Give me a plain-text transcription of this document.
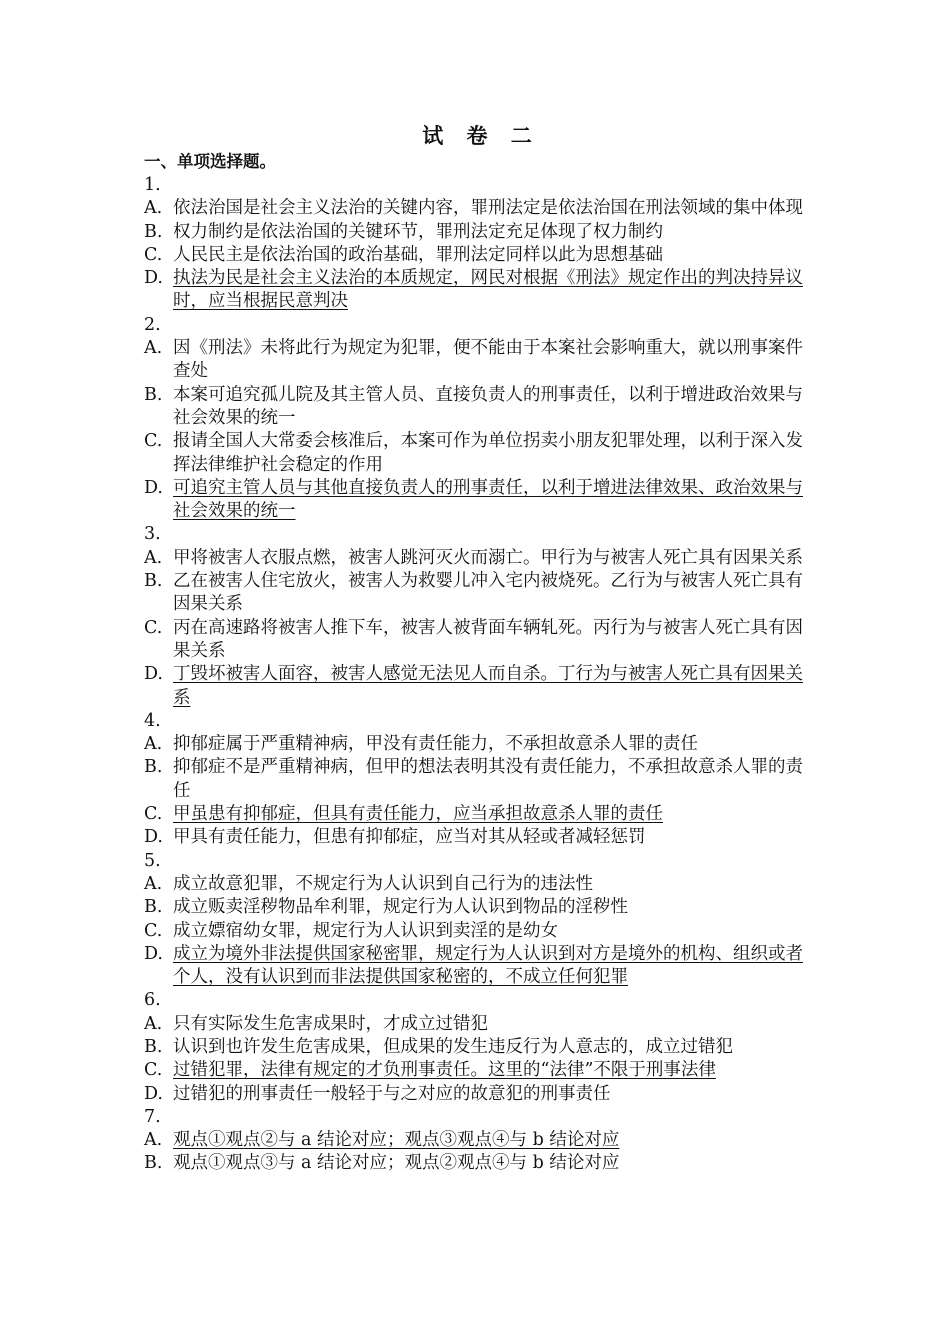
试 卷 二
一、单项选择题。
1.
A. 依法治国是社会主义法治的关键内容，罪刑法定是依法治国在刑法领域的集中体现
B. 权力制约是依法治国的关键环节，罪刑法定充足体现了权力制约
C. 人民民主是依法治国的政治基础，罪刑法定同样以此为思想基础
D. 执法为民是社会主义法治的本质规定，网民对根据《刑法》规定作出的判决持异议时，应当根据民意判决
2.
A. 因《刑法》未将此行为规定为犯罪，便不能由于本案社会影响重大，就以刑事案件查处
B. 本案可追究孤儿院及其主管人员、直接负责人的刑事责任，以利于增进政治效果与社会效果的统一
C. 报请全国人大常委会核准后，本案可作为单位拐卖小朋友犯罪处理，以利于深入发挥法律维护社会稳定的作用
D. 可追究主管人员与其他直接负责人的刑事责任，以利于增进法律效果、政治效果与社会效果的统一
3.
A. 甲将被害人衣服点燃，被害人跳河灭火而溺亡。甲行为与被害人死亡具有因果关系
B. 乙在被害人住宅放火，被害人为救婴儿冲入宅内被烧死。乙行为与被害人死亡具有因果关系
C. 丙在高速路将被害人推下车，被害人被背面车辆轧死。丙行为与被害人死亡具有因果关系
D. 丁毁坏被害人面容，被害人感觉无法见人而自杀。丁行为与被害人死亡具有因果关系
4.
A. 抑郁症属于严重精神病，甲没有责任能力，不承担故意杀人罪的责任
B. 抑郁症不是严重精神病，但甲的想法表明其没有责任能力，不承担故意杀人罪的责任
C. 甲虽患有抑郁症，但具有责任能力，应当承担故意杀人罪的责任
D. 甲具有责任能力，但患有抑郁症，应当对其从轻或者减轻惩罚
5.
A. 成立故意犯罪，不规定行为人认识到自己行为的违法性
B. 成立贩卖淫秽物品牟利罪，规定行为人认识到物品的淫秽性
C. 成立嫖宿幼女罪，规定行为人认识到卖淫的是幼女
D. 成立为境外非法提供国家秘密罪，规定行为人认识到对方是境外的机构、组织或者个人，没有认识到而非法提供国家秘密的，不成立任何犯罪
6.
A. 只有实际发生危害成果时，才成立过错犯
B. 认识到也许发生危害成果，但成果的发生违反行为人意志的，成立过错犯
C. 过错犯罪，法律有规定的才负刑事责任。这里的“法律”不限于刑事法律
D. 过错犯的刑事责任一般轻于与之对应的故意犯的刑事责任
7.
A. 观点①观点②与 a 结论对应；观点③观点④与 b 结论对应
B. 观点①观点③与 a 结论对应；观点②观点④与 b 结论对应
